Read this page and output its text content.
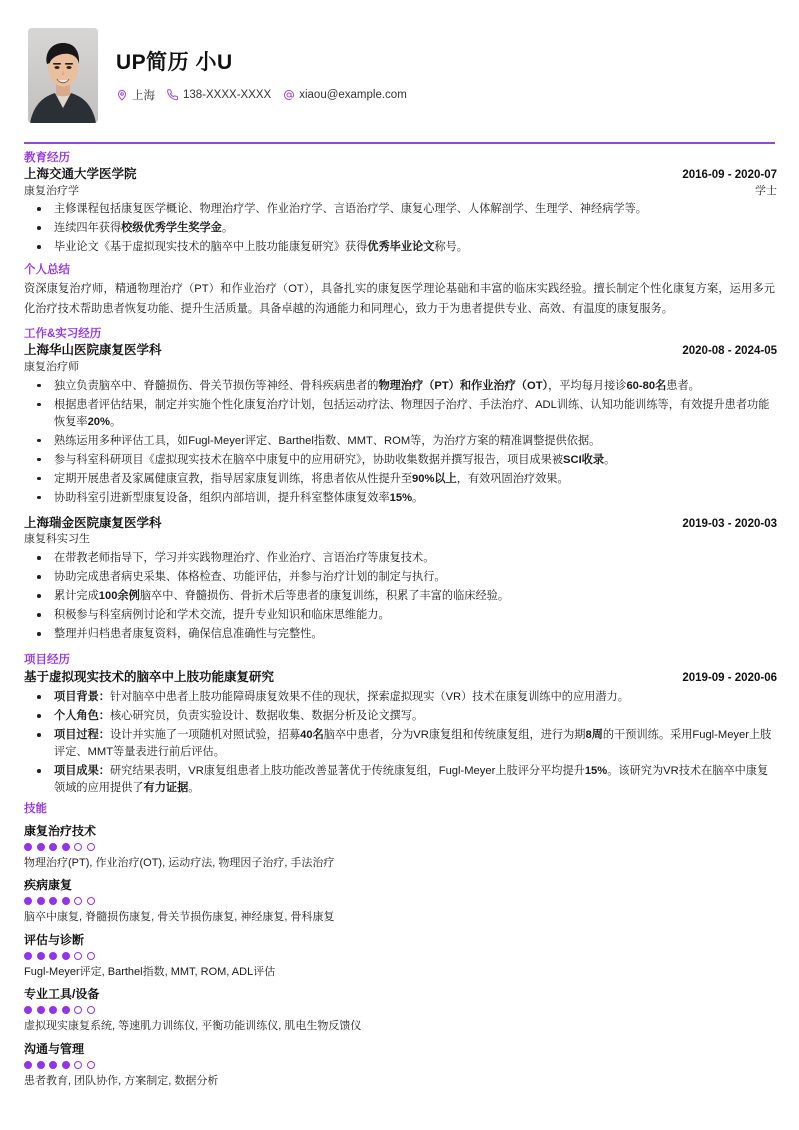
UP简历 小U
上海 138-XXXX-XXXX xiaou@example.com
教育经历
上海交通大学医学院	2016-09 - 2020-07
康复治疗学	学士
主修课程包括康复医学概论、物理治疗学、作业治疗学、言语治疗学、康复心理学、人体解剖学、生理学、神经病学等。
连续四年获得校级优秀学生奖学金。
毕业论文《基于虚拟现实技术的脑卒中上肢功能康复研究》获得优秀毕业论文称号。
个人总结
资深康复治疗师，精通物理治疗（PT）和作业治疗（OT），具备扎实的康复医学理论基础和丰富的临床实践经验。擅长制定个性化康复方案，运用多元化治疗技术帮助患者恢复功能、提升生活质量。具备卓越的沟通能力和同理心，致力于为患者提供专业、高效、有温度的康复服务。
工作&实习经历
上海华山医院康复医学科	2020-08 - 2024-05
康复治疗师
独立负责脑卒中、脊髓损伤、骨关节损伤等神经、骨科疾病患者的物理治疗（PT）和作业治疗（OT），平均每月接诊60-80名患者。
根据患者评估结果，制定并实施个性化康复治疗计划，包括运动疗法、物理因子治疗、手法治疗、ADL训练、认知功能训练等，有效提升患者功能恢复率20%。
熟练运用多种评估工具，如Fugl-Meyer评定、Barthel指数、MMT、ROM等，为治疗方案的精准调整提供依据。
参与科室科研项目《虚拟现实技术在脑卒中康复中的应用研究》，协助收集数据并撰写报告，项目成果被SCI收录。
定期开展患者及家属健康宣教，指导居家康复训练，将患者依从性提升至90%以上，有效巩固治疗效果。
协助科室引进新型康复设备，组织内部培训，提升科室整体康复效率15%。
上海瑞金医院康复医学科	2019-03 - 2020-03
康复科实习生
在带教老师指导下，学习并实践物理治疗、作业治疗、言语治疗等康复技术。
协助完成患者病史采集、体格检查、功能评估，并参与治疗计划的制定与执行。
累计完成100余例脑卒中、脊髓损伤、骨折术后等患者的康复训练，积累了丰富的临床经验。
积极参与科室病例讨论和学术交流，提升专业知识和临床思维能力。
整理并归档患者康复资料，确保信息准确性与完整性。
项目经历
基于虚拟现实技术的脑卒中上肢功能康复研究	2019-09 - 2020-06
项目背景：针对脑卒中患者上肢功能障碍康复效果不佳的现状，探索虚拟现实（VR）技术在康复训练中的应用潜力。
个人角色：核心研究员，负责实验设计、数据收集、数据分析及论文撰写。
项目过程：设计并实施了一项随机对照试验，招募40名脑卒中患者，分为VR康复组和传统康复组，进行为期8周的干预训练。采用Fugl-Meyer上肢评定、MMT等量表进行前后评估。
项目成果：研究结果表明，VR康复组患者上肢功能改善显著优于传统康复组，Fugl-Meyer上肢评分平均提升15%。该研究为VR技术在脑卒中康复领域的应用提供了有力证据。
技能
康复治疗技术
物理治疗(PT), 作业治疗(OT), 运动疗法, 物理因子治疗, 手法治疗
疾病康复
脑卒中康复, 脊髓损伤康复, 骨关节损伤康复, 神经康复, 骨科康复
评估与诊断
Fugl-Meyer评定, Barthel指数, MMT, ROM, ADL评估
专业工具/设备
虚拟现实康复系统, 等速肌力训练仪, 平衡功能训练仪, 肌电生物反馈仪
沟通与管理
患者教育, 团队协作, 方案制定, 数据分析
